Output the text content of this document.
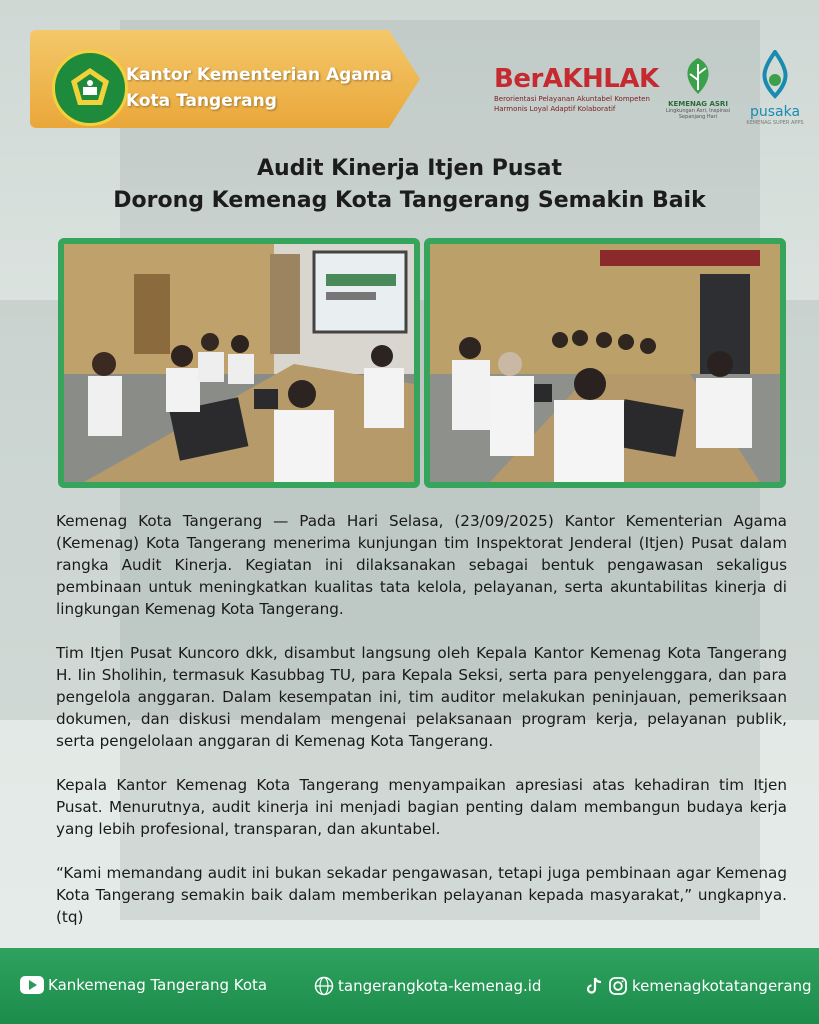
Kantor Kementerian Agama
Kota Tangerang
BerAKHLAK
Berorientasi Pelayanan Akuntabel Kompeten
Harmonis Loyal Adaptif Kolaboratif
KEMENAG ASRI
Lingkungan Asri, Inspirasi Sepanjang Hari	pusaka
KEMENAG SUPER APPS
Audit Kinerja Itjen Pusat
Dorong Kemenag Kota Tangerang Semakin Baik

Kemenag Kota Tangerang — Pada Hari Selasa, (23/09/2025) Kantor Kementerian Agama (Kemenag) Kota Tangerang menerima kunjungan tim Inspektorat Jenderal (Itjen) Pusat dalam rangka Audit Kinerja. Kegiatan ini dilaksanakan sebagai bentuk pengawasan sekaligus pembinaan untuk meningkatkan kualitas tata kelola, pelayanan, serta akuntabilitas kinerja di lingkungan Kemenag Kota Tangerang.

Tim Itjen Pusat Kuncoro dkk, disambut langsung oleh Kepala Kantor Kemenag Kota Tangerang H. Iin Sholihin, termasuk Kasubbag TU, para Kepala Seksi, serta para penyelenggara, dan para pengelola anggaran. Dalam kesempatan ini, tim auditor melakukan peninjauan, pemeriksaan dokumen, dan diskusi mendalam mengenai pelaksanaan program kerja, pelayanan publik, serta pengelolaan anggaran di Kemenag Kota Tangerang.

Kepala Kantor Kemenag Kota Tangerang menyampaikan apresiasi atas kehadiran tim Itjen Pusat. Menurutnya, audit kinerja ini menjadi bagian penting dalam membangun budaya kerja yang lebih profesional, transparan, dan akuntabel.

“Kami memandang audit ini bukan sekadar pengawasan, tetapi juga pembinaan agar Kemenag Kota Tangerang semakin baik dalam memberikan pelayanan kepada masyarakat,” ungkapnya.(tq)

Kankemenag Tangerang Kota	tangerangkota-kemenag.id	kemenagkotatangerang
